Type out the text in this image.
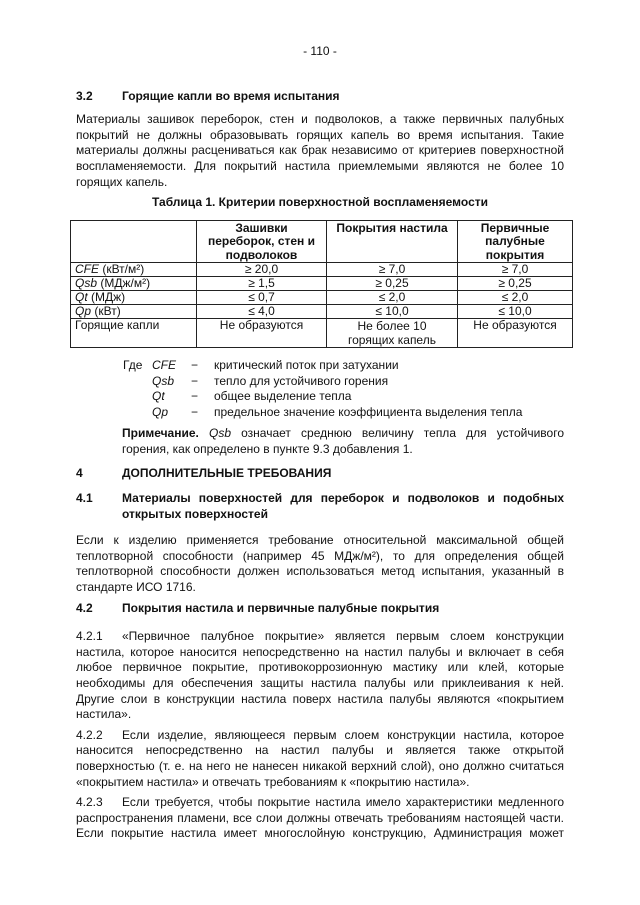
- 110 -
3.2	Горящие капли во время испытания
Материалы зашивок переборок, стен и подволоков, а также первичных палубных покрытий не должны образовывать горящих капель во время испытания. Такие материалы должны расцениваться как брак независимо от критериев поверхностной воспламеняемости. Для покрытий настила приемлемыми являются не более 10 горящих капель.
Таблица 1. Критерии поверхностной воспламеняемости
	Зашивки переборок, стен и подволоков	Покрытия настила	Первичные палубные покрытия
CFE (кВт/м²)	≥ 20,0	≥ 7,0	≥ 7,0
Qsb (МДж/м²)	≥ 1,5	≥ 0,25	≥ 0,25
Qt (МДж)	≤ 0,7	≤ 2,0	≤ 2,0
Qp (кВт)	≤ 4,0	≤ 10,0	≤ 10,0
Горящие капли	Не образуются	Не более 10 горящих капель	Не образуются
Где CFE	−	критический поток при затухании
Qsb	−	тепло для устойчивого горения
Qt	−	общее выделение тепла
Qp	−	предельное значение коэффициента выделения тепла
Примечание. Qsb означает среднюю величину тепла для устойчивого горения, как определено в пункте 9.3 добавления 1.
4	ДОПОЛНИТЕЛЬНЫЕ ТРЕБОВАНИЯ
4.1	Материалы поверхностей для переборок и подволоков и подобных открытых поверхностей
Если к изделию применяется требование относительной максимальной общей теплотворной способности (например 45 МДж/м²), то для определения общей теплотворной способности должен использоваться метод испытания, указанный в стандарте ИСО 1716.
4.2	Покрытия настила и первичные палубные покрытия
4.2.1 «Первичное палубное покрытие» является первым слоем конструкции настила, которое наносится непосредственно на настил палубы и включает в себя любое первичное покрытие, противокоррозионную мастику или клей, которые необходимы для обеспечения защиты настила палубы или приклеивания к ней. Другие слои в конструкции настила поверх настила палубы являются «покрытием настила».
4.2.2 Если изделие, являющееся первым слоем конструкции настила, которое наносится непосредственно на настил палубы и является также открытой поверхностью (т. е. на него не нанесен никакой верхний слой), оно должно считаться «покрытием настила» и отвечать требованиям к «покрытию настила».
4.2.3 Если требуется, чтобы покрытие настила имело характеристики медленного распространения пламени, все слои должны отвечать требованиям настоящей части. Если покрытие настила имеет многослойную конструкцию, Администрация может
